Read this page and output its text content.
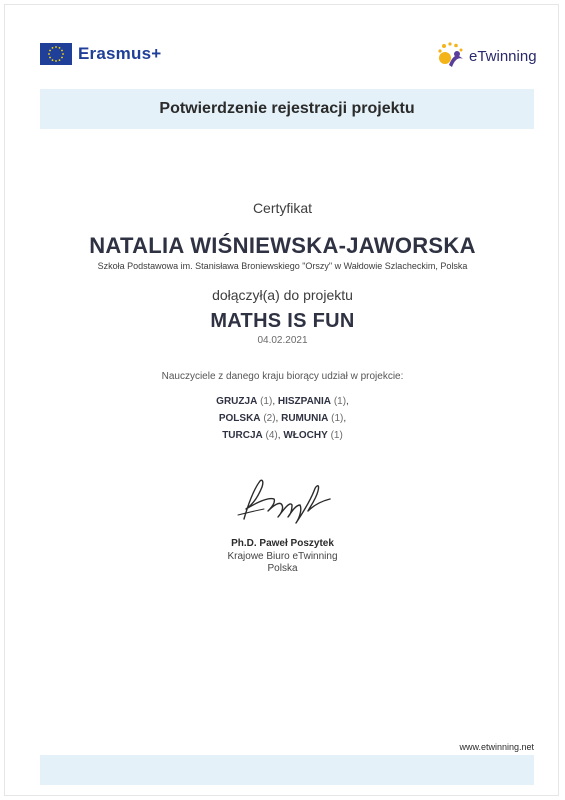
Erasmus+	eTwinning
Potwierdzenie rejestracji projektu
Certyfikat
NATALIA WIŚNIEWSKA-JAWORSKA
Szkoła Podstawowa im. Stanisława Broniewskiego "Orszy" w Wałdowie Szlacheckim, Polska
dołączył(a) do projektu
MATHS IS FUN
04.02.2021
Nauczyciele z danego kraju biorący udział w projekcie:
GRUZJA (1), HISZPANIA (1),
POLSKA (2), RUMUNIA (1),
TURCJA (4), WŁOCHY (1)
Ph.D. Paweł Poszytek
Krajowe Biuro eTwinning
Polska
www.etwinning.net
